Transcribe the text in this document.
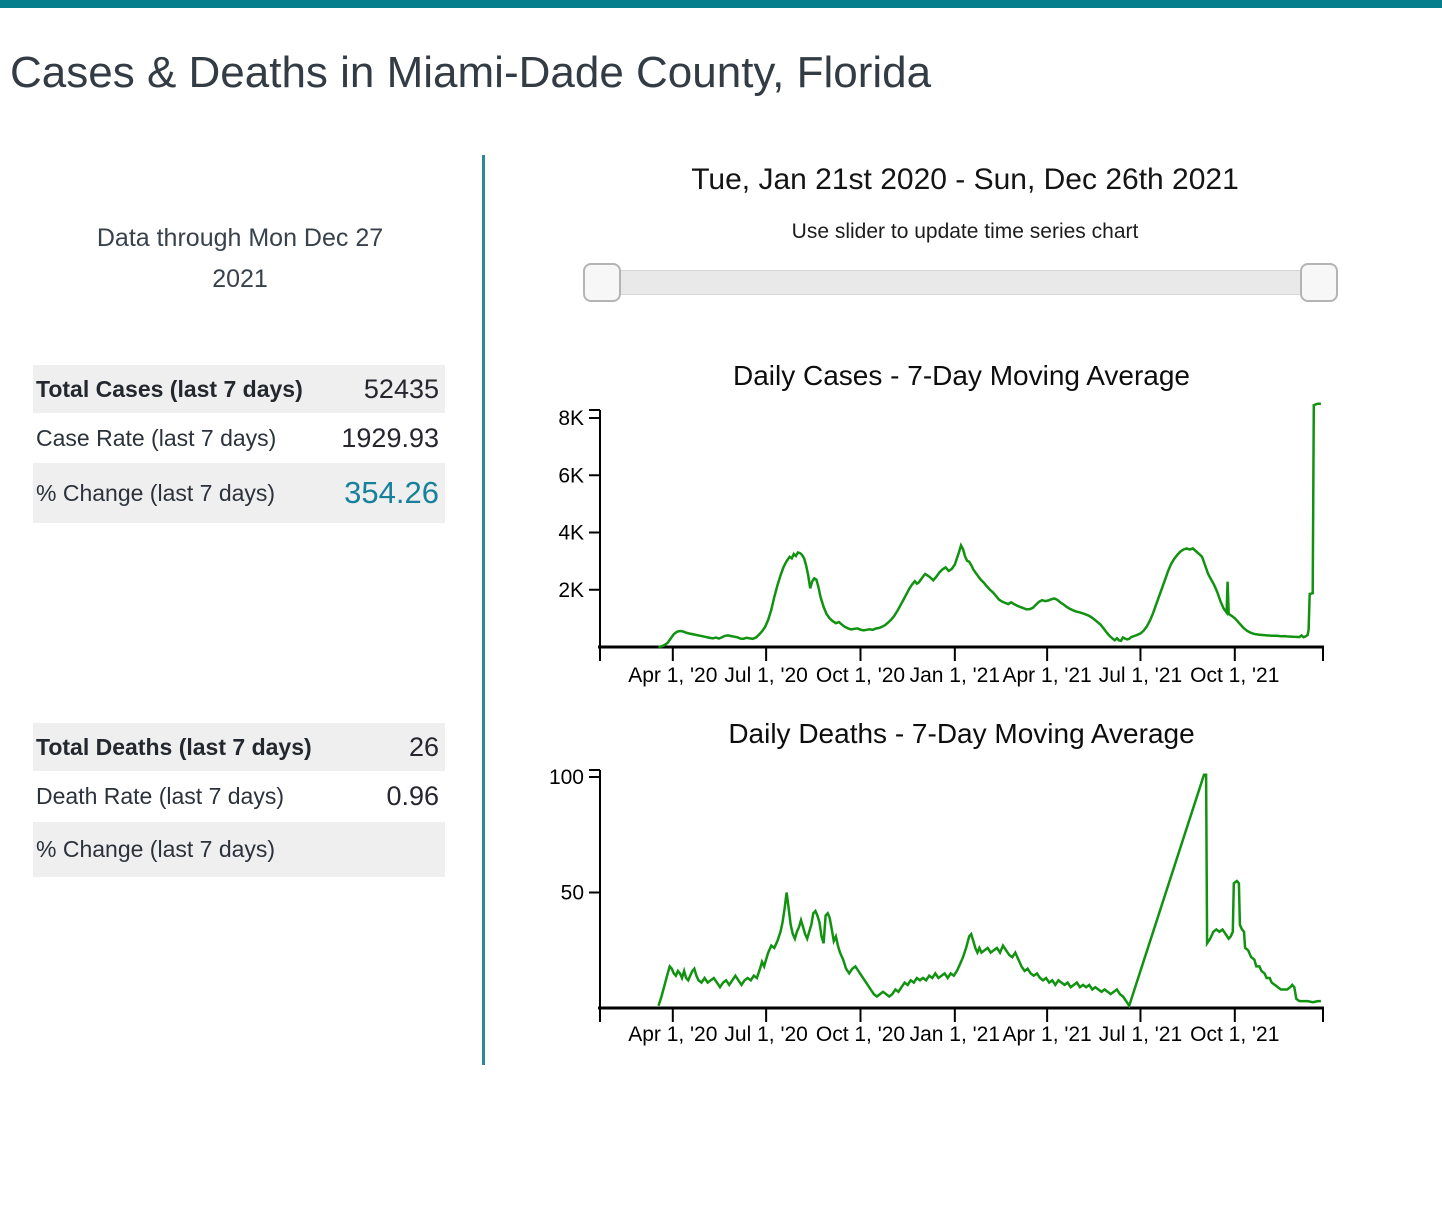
Cases & Deaths in Miami-Dade County, Florida
Data through Mon Dec 27
2021
Total Cases (last 7 days) 52435
Case Rate (last 7 days) 1929.93
% Change (last 7 days) 354.26
Total Deaths (last 7 days)	26
Death Rate (last 7 days)	0.96
% Change (last 7 days)
Tue, Jan 21st 2020 - Sun, Dec 26th 2021
Use slider to update time series chart
Daily Cases - 7-Day Moving Average
Daily Deaths - 7-Day Moving Average
2K
4K
6K
8K
Apr 1, '20 Jul 1, '20 Oct 1, '20 Jan 1, '21 Apr 1, '21 Jul 1, '21 Oct 1, '21
50
100
Apr 1, '20 Jul 1, '20 Oct 1, '20 Jan 1, '21 Apr 1, '21 Jul 1, '21 Oct 1, '21
